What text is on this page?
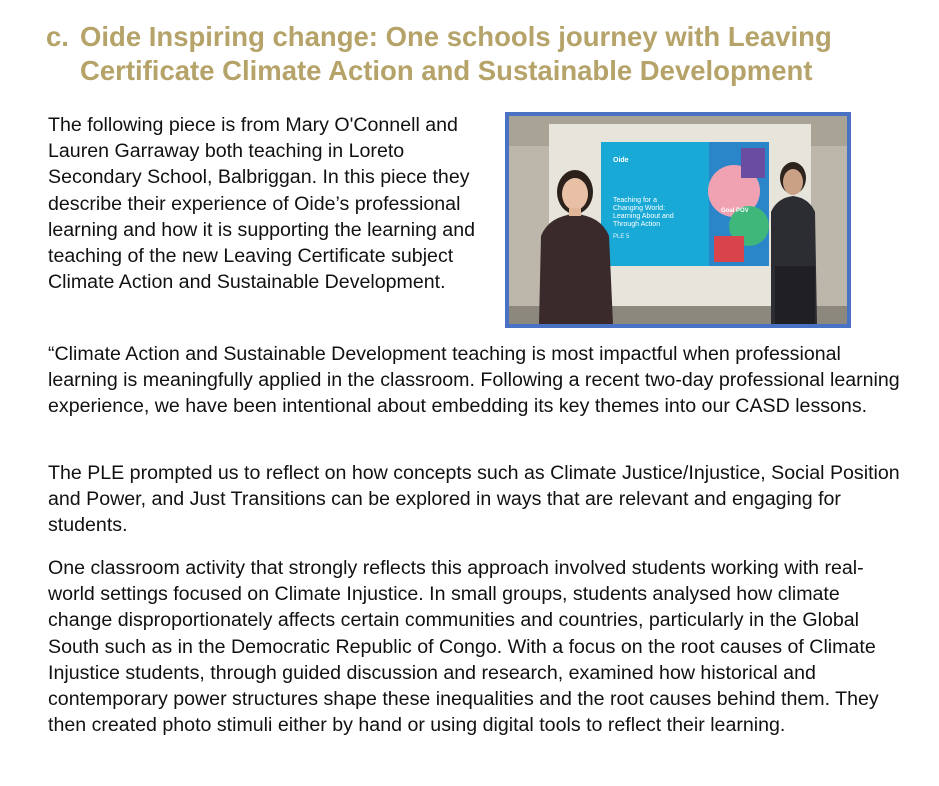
c. Oide Inspiring change: One schools journey with Leaving
Certificate Climate Action and Sustainable Development

The following piece is from Mary O'Connell and Lauren Garraway both teaching in Loreto Secondary School, Balbriggan. In this piece they describe their experience of Oide’s professional learning and how it is supporting the learning and teaching of the new Leaving Certificate subject Climate Action and Sustainable Development.

Oide
Teaching for a Changing World: Learning About and Through Action
PLE 5
Goal POV

“Climate Action and Sustainable Development teaching is most impactful when professional learning is meaningfully applied in the classroom. Following a recent two-day professional learning experience, we have been intentional about embedding its key themes into our CASD lessons.

The PLE prompted us to reflect on how concepts such as Climate Justice/Injustice, Social Position and Power, and Just Transitions can be explored in ways that are relevant and engaging for students.

One classroom activity that strongly reflects this approach involved students working with real-world settings focused on Climate Injustice. In small groups, students analysed how climate change disproportionately affects certain communities and countries, particularly in the Global South such as in the Democratic Republic of Congo. With a focus on the root causes of Climate Injustice students, through guided discussion and research, examined how historical and contemporary power structures shape these inequalities and the root causes behind them. They then created photo stimuli either by hand or using digital tools to reflect their learning.
